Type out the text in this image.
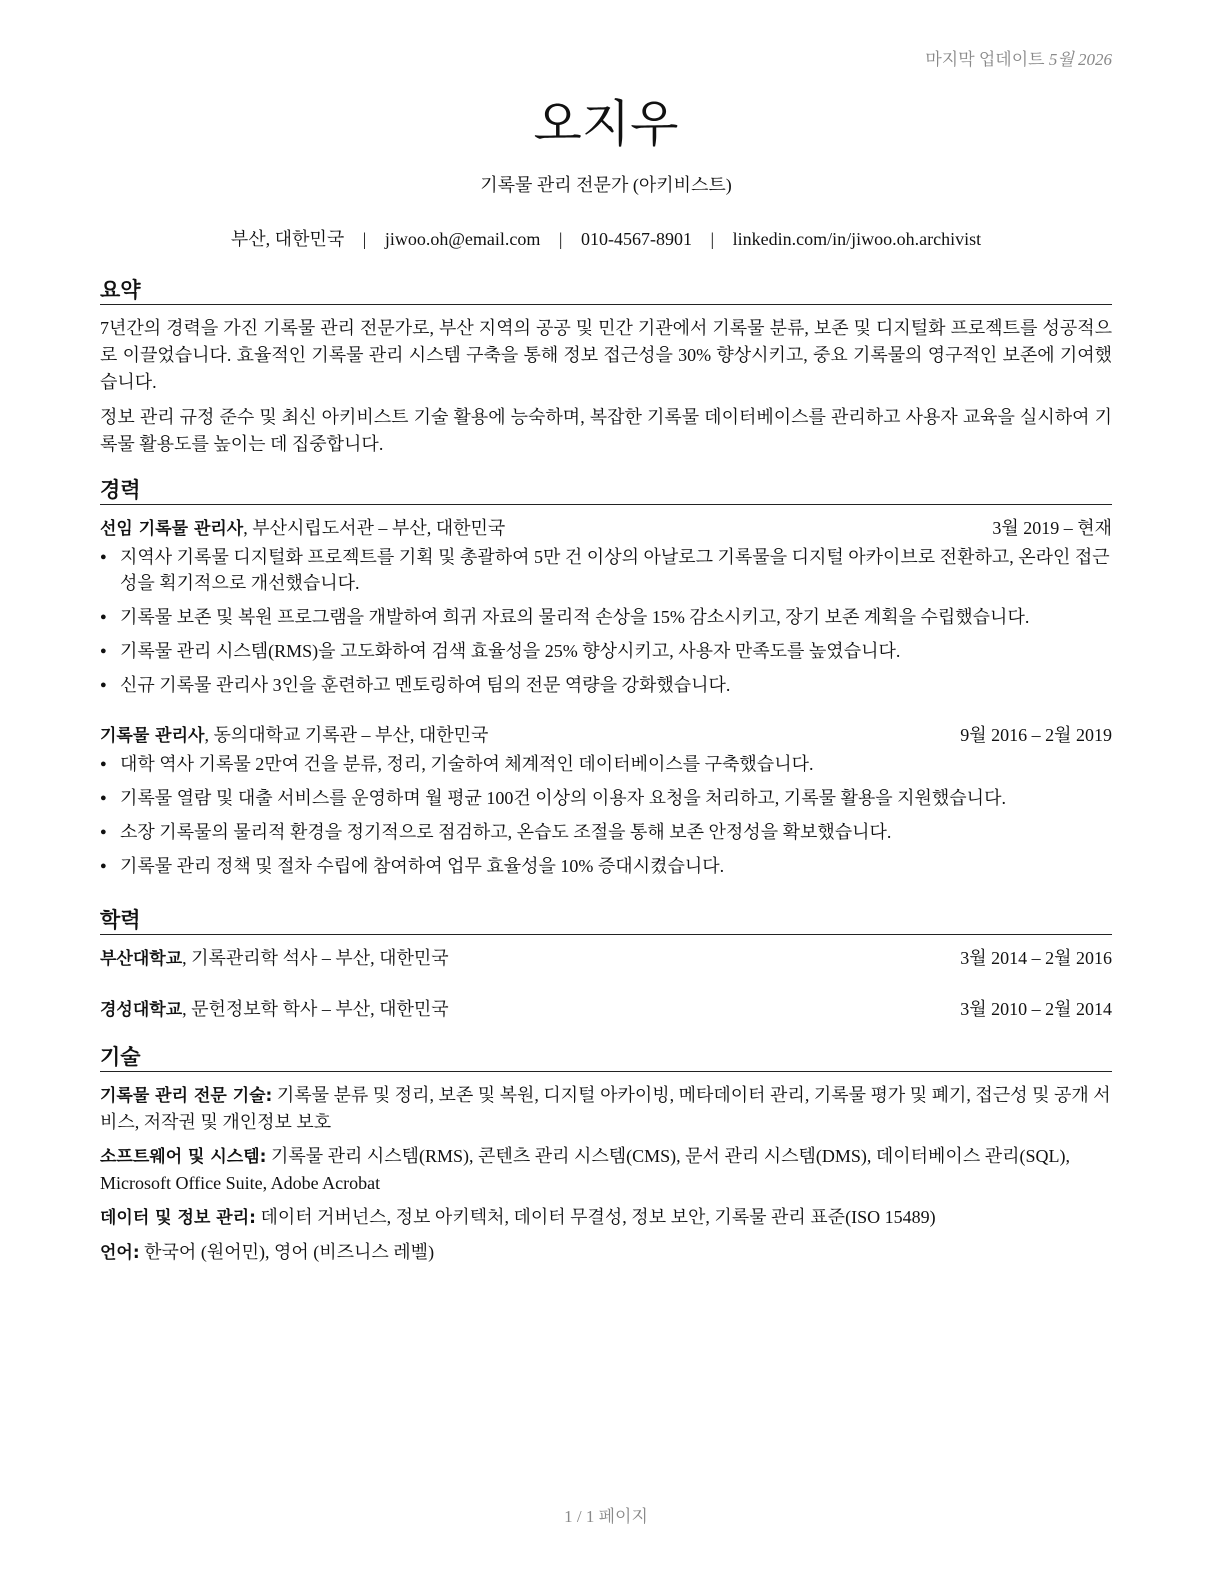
마지막 업데이트 5월 2026
오지우
기록물 관리 전문가 (아키비스트)
부산, 대한민국 | jiwoo.oh@email.com | 010-4567-8901 | linkedin.com/in/jiwoo.oh.archivist
요약

7년간의 경력을 가진 기록물 관리 전문가로, 부산 지역의 공공 및 민간 기관에서 기록물 분류, 보존 및 디지털화 프로젝트를 성공적으로 이끌었습니다. 효율적인 기록물 관리 시스템 구축을 통해 정보 접근성을 30% 향상시키고, 중요 기록물의 영구적인 보존에 기여했습니다.

정보 관리 규정 준수 및 최신 아키비스트 기술 활용에 능숙하며, 복잡한 기록물 데이터베이스를 관리하고 사용자 교육을 실시하여 기록물 활용도를 높이는 데 집중합니다.

경력
선임 기록물 관리사, 부산시립도서관 – 부산, 대한민국	3월 2019 – 현재
● 지역사 기록물 디지털화 프로젝트를 기획 및 총괄하여 5만 건 이상의 아날로그 기록물을 디지털 아카이브로 전환하고, 온라인 접근성을 획기적으로 개선했습니다.
● 기록물 보존 및 복원 프로그램을 개발하여 희귀 자료의 물리적 손상을 15% 감소시키고, 장기 보존 계획을 수립했습니다.
● 기록물 관리 시스템(RMS)을 고도화하여 검색 효율성을 25% 향상시키고, 사용자 만족도를 높였습니다.
● 신규 기록물 관리사 3인을 훈련하고 멘토링하여 팀의 전문 역량을 강화했습니다.
기록물 관리사, 동의대학교 기록관 – 부산, 대한민국	9월 2016 – 2월 2019
● 대학 역사 기록물 2만여 건을 분류, 정리, 기술하여 체계적인 데이터베이스를 구축했습니다.
● 기록물 열람 및 대출 서비스를 운영하며 월 평균 100건 이상의 이용자 요청을 처리하고, 기록물 활용을 지원했습니다.
● 소장 기록물의 물리적 환경을 정기적으로 점검하고, 온습도 조절을 통해 보존 안정성을 확보했습니다.
● 기록물 관리 정책 및 절차 수립에 참여하여 업무 효율성을 10% 증대시켰습니다.
학력
부산대학교, 기록관리학 석사 – 부산, 대한민국	3월 2014 – 2월 2016
경성대학교, 문헌정보학 학사 – 부산, 대한민국	3월 2010 – 2월 2014
기술

기록물 관리 전문 기술: 기록물 분류 및 정리, 보존 및 복원, 디지털 아카이빙, 메타데이터 관리, 기록물 평가 및 폐기, 접근성 및 공개 서비스, 저작권 및 개인정보 보호

소프트웨어 및 시스템: 기록물 관리 시스템(RMS), 콘텐츠 관리 시스템(CMS), 문서 관리 시스템(DMS), 데이터베이스 관리(SQL), Microsoft Office Suite, Adobe Acrobat

데이터 및 정보 관리: 데이터 거버넌스, 정보 아키텍처, 데이터 무결성, 정보 보안, 기록물 관리 표준(ISO 15489)

언어: 한국어 (원어민), 영어 (비즈니스 레벨)

1 / 1 페이지
